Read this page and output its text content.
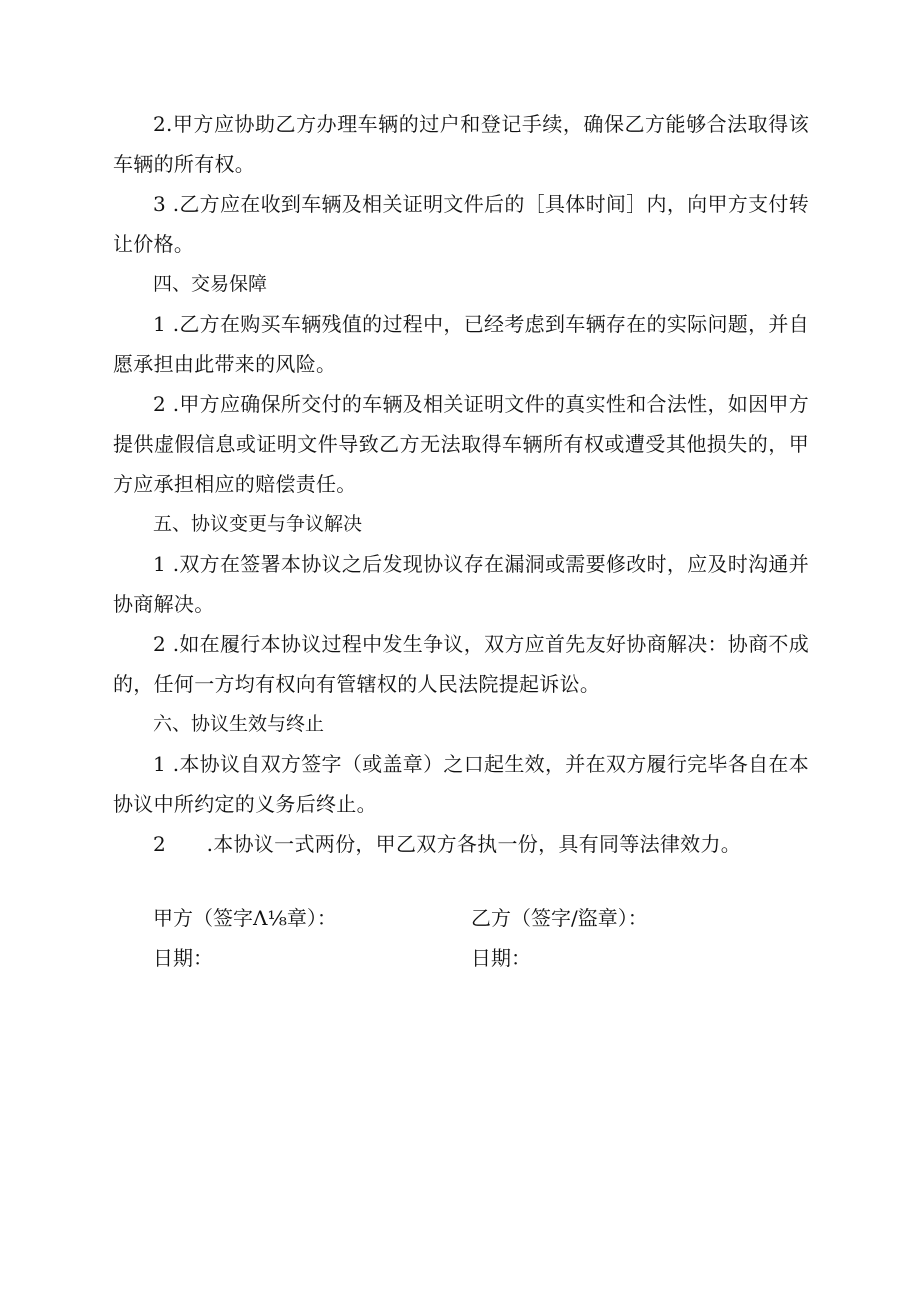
2.甲方应协助乙方办理车辆的过户和登记手续，确保乙方能够合法取得该车辆的所有权。

3 .乙方应在收到车辆及相关证明文件后的［具体时间］内，向甲方支付转让价格。

四、交易保障

1 .乙方在购买车辆残值的过程中，已经考虑到车辆存在的实际问题，并自愿承担由此带来的风险。

2 .甲方应确保所交付的车辆及相关证明文件的真实性和合法性，如因甲方提供虚假信息或证明文件导致乙方无法取得车辆所有权或遭受其他损失的，甲方应承担相应的赔偿责任。

五、协议变更与争议解决

1 .双方在签署本协议之后发现协议存在漏洞或需要修改时，应及时沟通并协商解决。

2 .如在履行本协议过程中发生争议，双方应首先友好协商解决：协商不成的，任何一方均有权向有管辖权的人民法院提起诉讼。

六、协议生效与终止

1 .本协议自双方签字（或盖章）之口起生效，并在双方履行完毕各自在本协议中所约定的义务后终止。

2　　.本协议一式两份，甲乙双方各执一份，具有同等法律效力。

甲方（签字Λ⅛章）：

日期：

乙方（签字/盜章）：

日期：
